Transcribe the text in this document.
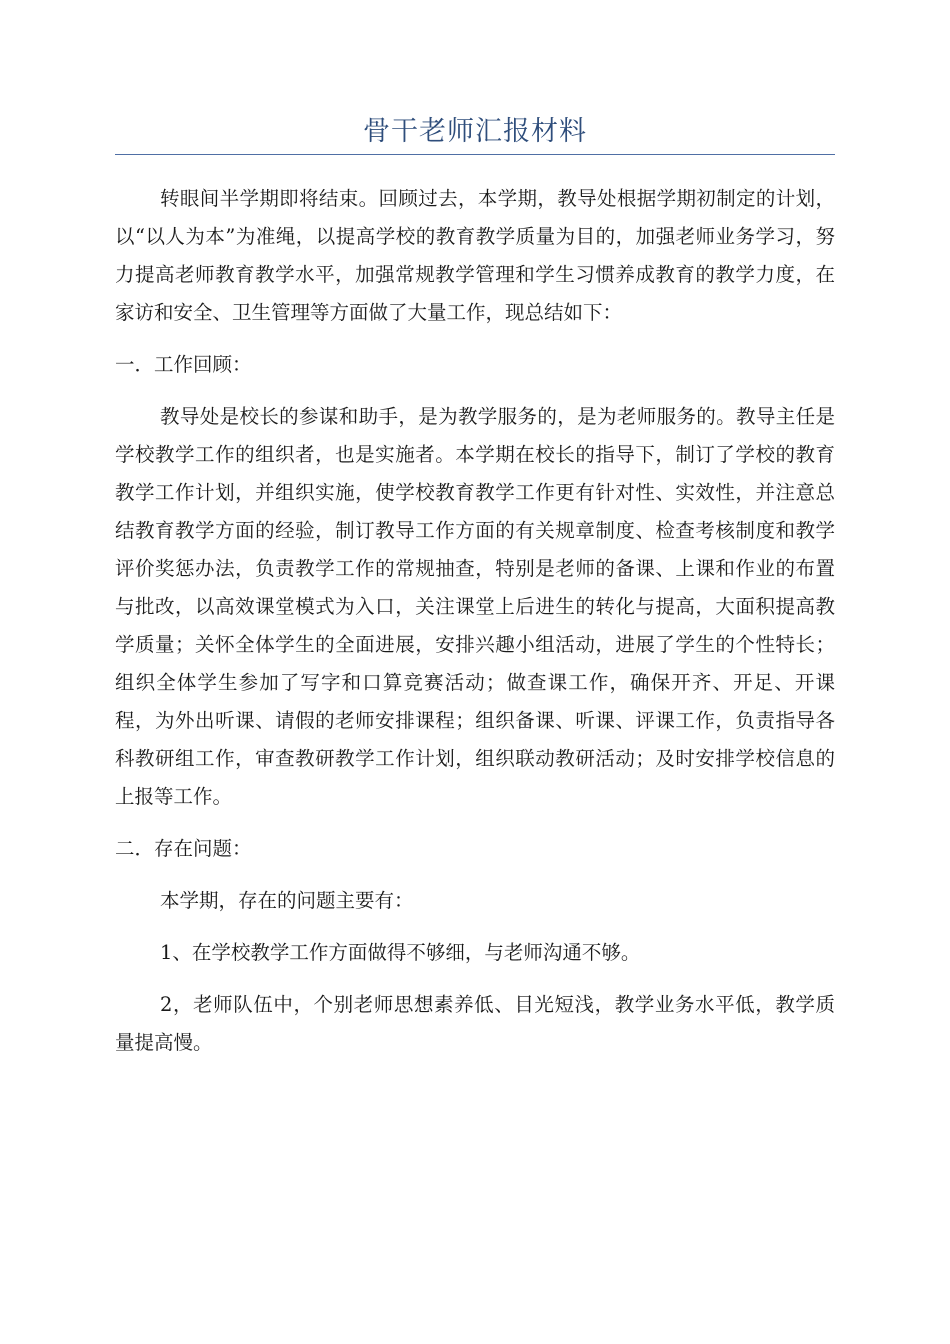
骨干老师汇报材料

转眼间半学期即将结束。回顾过去，本学期，教导处根据学期初制定的计划，以“以人为本”为准绳，以提高学校的教育教学质量为目的，加强老师业务学习，努力提高老师教育教学水平，加强常规教学管理和学生习惯养成教育的教学力度，在家访和安全、卫生管理等方面做了大量工作，现总结如下：

一．工作回顾：

教导处是校长的参谋和助手，是为教学服务的，是为老师服务的。教导主任是学校教学工作的组织者，也是实施者。本学期在校长的指导下，制订了学校的教育教学工作计划，并组织实施，使学校教育教学工作更有针对性、实效性，并注意总结教育教学方面的经验，制订教导工作方面的有关规章制度、检查考核制度和教学评价奖惩办法，负责教学工作的常规抽查，特别是老师的备课、上课和作业的布置与批改，以高效课堂模式为入口，关注课堂上后进生的转化与提高，大面积提高教学质量；关怀全体学生的全面进展，安排兴趣小组活动，进展了学生的个性特长；组织全体学生参加了写字和口算竞赛活动；做查课工作，确保开齐、开足、开课程，为外出听课、请假的老师安排课程；组织备课、听课、评课工作，负责指导各科教研组工作，审查教研教学工作计划，组织联动教研活动；及时安排学校信息的上报等工作。

二．存在问题：

本学期，存在的问题主要有：

1、在学校教学工作方面做得不够细，与老师沟通不够。

2，老师队伍中，个别老师思想素养低、目光短浅，教学业务水平低，教学质量提高慢。
